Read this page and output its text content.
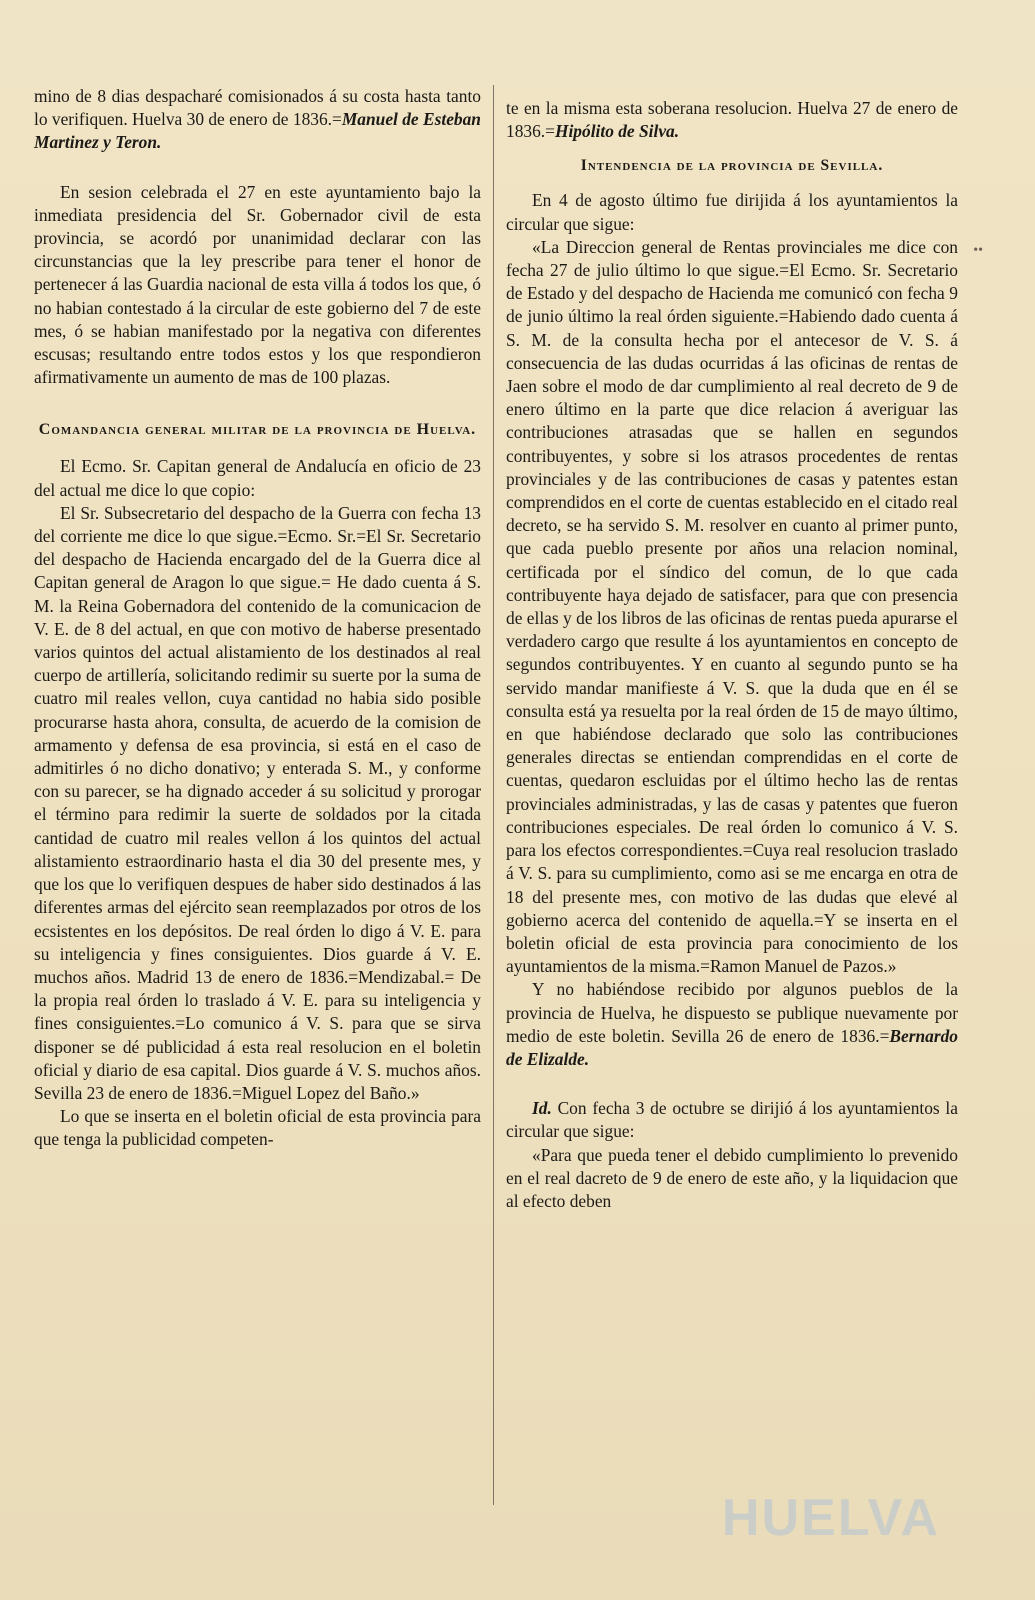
mino de 8 dias despacharé comisionados á su costa hasta tanto lo verifiquen. Huelva 30 de enero de 1836.=Manuel de Esteban Martinez y Teron.

En sesion celebrada el 27 en este ayuntamiento bajo la inmediata presidencia del Sr. Gobernador civil de esta provincia, se acordó por unanimidad declarar con las circunstancias que la ley prescribe para tener el honor de pertenecer á las Guardia nacional de esta villa á todos los que, ó no habian contestado á la circular de este gobierno del 7 de este mes, ó se habian manifestado por la negativa con diferentes escusas; resultando entre todos estos y los que respondieron afirmativamente un aumento de mas de 100 plazas.

Comandancia general militar de la provincia de Huelva.

El Ecmo. Sr. Capitan general de Andalucía en oficio de 23 del actual me dice lo que copio:

El Sr. Subsecretario del despacho de la Guerra con fecha 13 del corriente me dice lo que sigue.=Ecmo. Sr.=El Sr. Secretario del despacho de Hacienda encargado del de la Guerra dice al Capitan general de Aragon lo que sigue.= He dado cuenta á S. M. la Reina Gobernadora del contenido de la comunicacion de V. E. de 8 del actual, en que con motivo de haberse presentado varios quintos del actual alistamiento de los destinados al real cuerpo de artillería, solicitando redimir su suerte por la suma de cuatro mil reales vellon, cuya cantidad no habia sido posible procurarse hasta ahora, consulta, de acuerdo de la comision de armamento y defensa de esa provincia, si está en el caso de admitirles ó no dicho donativo; y enterada S. M., y conforme con su parecer, se ha dignado acceder á su solicitud y prorogar el término para redimir la suerte de soldados por la citada cantidad de cuatro mil reales vellon á los quintos del actual alistamiento estraordinario hasta el dia 30 del presente mes, y que los que lo verifiquen despues de haber sido destinados á las diferentes armas del ejército sean reemplazados por otros de los ecsistentes en los depósitos. De real órden lo digo á V. E. para su inteligencia y fines consiguientes. Dios guarde á V. E. muchos años. Madrid 13 de enero de 1836.=Mendizabal.= De la propia real órden lo traslado á V. E. para su inteligencia y fines consiguientes.=Lo comunico á V. S. para que se sirva disponer se dé publicidad á esta real resolucion en el boletin oficial y diario de esa capital. Dios guarde á V. S. muchos años. Sevilla 23 de enero de 1836.=Miguel Lopez del Baño.»

Lo que se inserta en el boletin oficial de esta provincia para que tenga la publicidad competen-

te en la misma esta soberana resolucion. Huelva 27 de enero de 1836.=Hipólito de Silva.

Intendencia de la provincia de Sevilla.

En 4 de agosto último fue dirijida á los ayuntamientos la circular que sigue:

«La Direccion general de Rentas provinciales me dice con fecha 27 de julio último lo que sigue.=El Ecmo. Sr. Secretario de Estado y del despacho de Hacienda me comunicó con fecha 9 de junio último la real órden siguiente.=Habiendo dado cuenta á S. M. de la consulta hecha por el antecesor de V. S. á consecuencia de las dudas ocurridas á las oficinas de rentas de Jaen sobre el modo de dar cumplimiento al real decreto de 9 de enero último en la parte que dice relacion á averiguar las contribuciones atrasadas que se hallen en segundos contribuyentes, y sobre si los atrasos procedentes de rentas provinciales y de las contribuciones de casas y patentes estan comprendidos en el corte de cuentas establecido en el citado real decreto, se ha servido S. M. resolver en cuanto al primer punto, que cada pueblo presente por años una relacion nominal, certificada por el síndico del comun, de lo que cada contribuyente haya dejado de satisfacer, para que con presencia de ellas y de los libros de las oficinas de rentas pueda apurarse el verdadero cargo que resulte á los ayuntamientos en concepto de segundos contribuyentes. Y en cuanto al segundo punto se ha servido mandar manifieste á V. S. que la duda que en él se consulta está ya resuelta por la real órden de 15 de mayo último, en que habiéndose declarado que solo las contribuciones generales directas se entiendan comprendidas en el corte de cuentas, quedaron escluidas por el último hecho las de rentas provinciales administradas, y las de casas y patentes que fueron contribuciones especiales. De real órden lo comunico á V. S. para los efectos correspondientes.=Cuya real resolucion traslado á V. S. para su cumplimiento, como asi se me encarga en otra de 18 del presente mes, con motivo de las dudas que elevé al gobierno acerca del contenido de aquella.=Y se inserta en el boletin oficial de esta provincia para conocimiento de los ayuntamientos de la misma.=Ramon Manuel de Pazos.»

Y no habiéndose recibido por algunos pueblos de la provincia de Huelva, he dispuesto se publique nuevamente por medio de este boletin. Sevilla 26 de enero de 1836.=Bernardo de Elizalde.

Id. Con fecha 3 de octubre se dirijió á los ayuntamientos la circular que sigue:

«Para que pueda tener el debido cumplimiento lo prevenido en el real dacreto de 9 de enero de este año, y la liquidacion que al efecto deben

••
HUELVA
